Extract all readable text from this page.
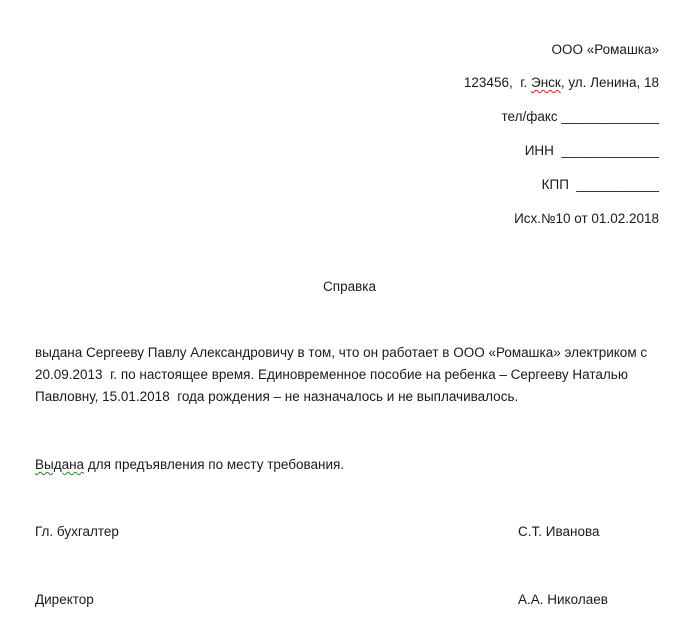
ООО «Ромашка»
123456,  г. Энск, ул. Ленина, 18
тел/факс _____________
ИНН  _____________
КПП  ___________
Исх.№10 от 01.02.2018
Справка
выдана Сергееву Павлу Александровичу в том, что он работает в ООО «Ромашка» электриком с
20.09.2013  г. по настоящее время. Единовременное пособие на ребенка – Сергееву Наталью
Павловну, 15.01.2018  года рождения – не назначалось и не выплачивалось.
Выдана для предъявления по месту требования.
Гл. бухгалтер	С.Т. Иванова
Директор	А.А. Николаев
